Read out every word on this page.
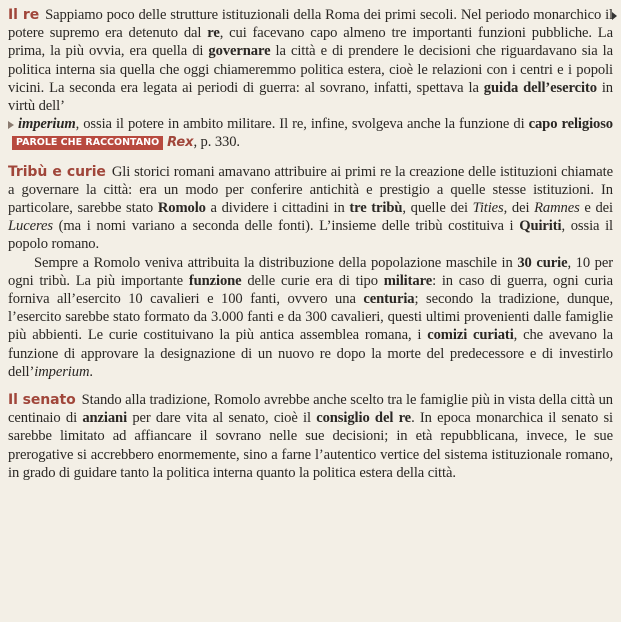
Il re Sappiamo poco delle strutture istituzionali della Roma dei primi secoli. Nel periodo monarchico il potere supremo era detenuto dal re, cui facevano capo almeno tre importanti funzioni pubbliche. La prima, la più ovvia, era quella di governare la città e di prendere le decisioni che riguardavano sia la politica interna sia quella che oggi chiameremmo politica estera, cioè le relazioni con i centri e i popoli vicini. La seconda era legata ai periodi di guerra: al sovrano, infatti, spettava la guida dell’esercito in virtù dell’
imperium, ossia il potere in ambito militare. Il re, infine, svolgeva anche la funzione di capo religiosoPAROLE CHE RACCONTANO Rex, p. 330.

Tribù e curie Gli storici romani amavano attribuire ai primi re la creazione delle istituzioni chiamate a governare la città: era un modo per conferire antichità e prestigio a quelle stesse istituzioni. In particolare, sarebbe stato Romolo a dividere i cittadini in tre tribù, quelle dei Tities, dei Ramnes e dei Luceres (ma i nomi variano a seconda delle fonti). L’insieme delle tribù costituiva i Quiriti, ossia il popolo romano.

Sempre a Romolo veniva attribuita la distribuzione della popolazione maschile in 30 curie, 10 per ogni tribù. La più importante funzione delle curie era di tipo militare: in caso di guerra, ogni curia forniva all’esercito 10 cavalieri e 100 fanti, ovvero una centuria; secondo la tradizione, dunque, l’esercito sarebbe stato formato da 3.000 fanti e da 300 cavalieri, questi ultimi provenienti dalle famiglie più abbienti. Le curie costituivano la più antica assemblea romana, i comizi curiati, che avevano la funzione di approvare la designazione di un nuovo re dopo la morte del predecessore e di investirlo dell’imperium.

Il senato Stando alla tradizione, Romolo avrebbe anche scelto tra le famiglie più in vista della città un centinaio di anziani per dare vita al senato, cioè il consiglio del re. In epoca monarchica il senato si sarebbe limitato ad affiancare il sovrano nelle sue decisioni; in età repubblicana, invece, le sue prerogative si accrebbero enormemente, sino a farne l’autentico vertice del sistema istituzionale romano, in grado di guidare tanto la politica interna quanto la politica estera della città.
